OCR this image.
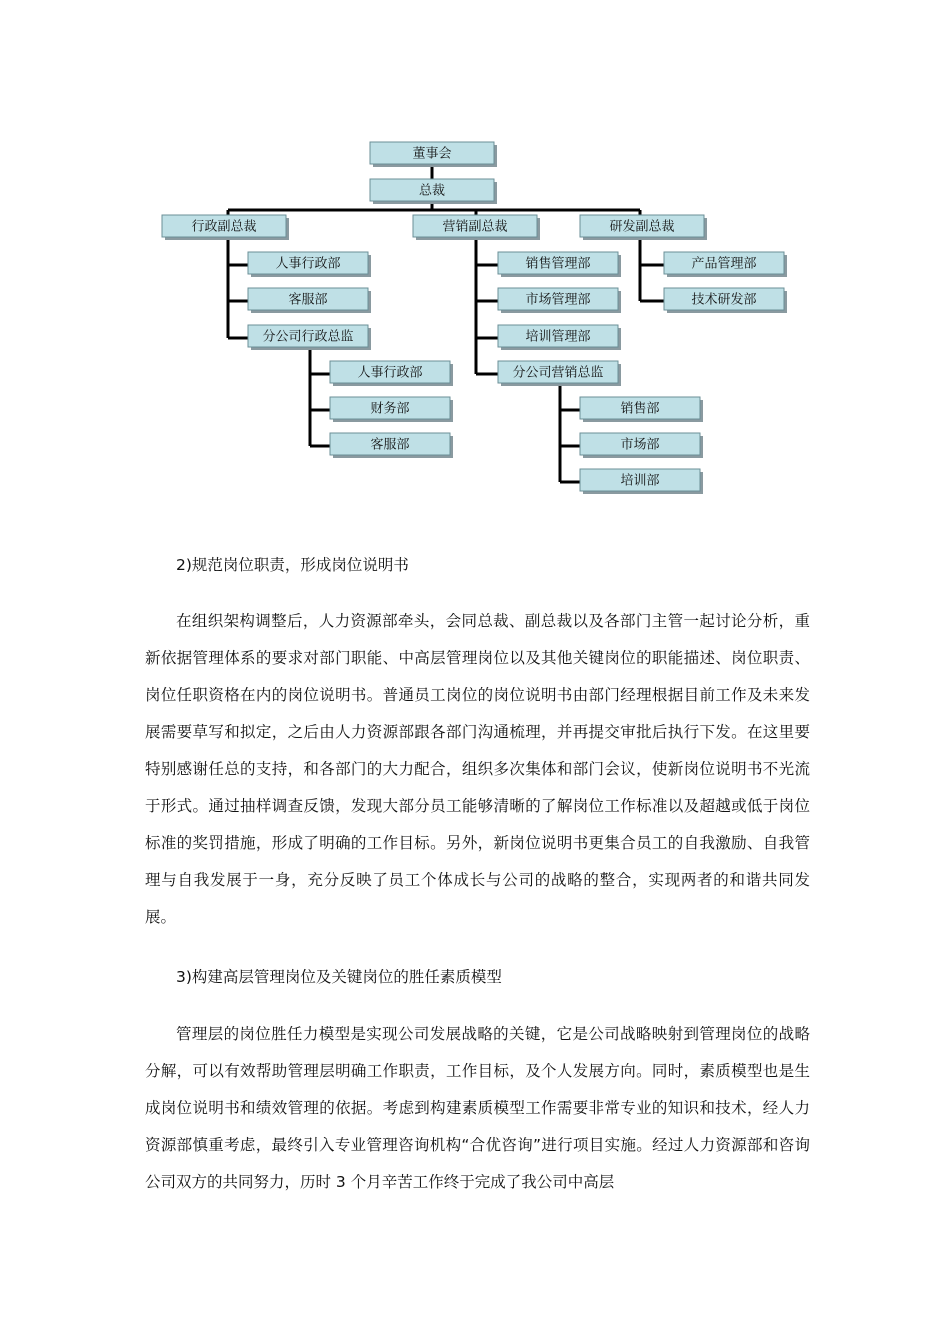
董事会
总裁
行政副总裁	营销副总裁	研发副总裁
人事行政部
客服部
分公司行政总监
人事行政部
财务部
客服部
销售管理部
市场管理部
培训管理部
分公司营销总监
销售部
市场部
培训部
产品管理部
技术研发部
2)规范岗位职责，形成岗位说明书

在组织架构调整后，人力资源部牵头，会同总裁、副总裁以及各部门主管一起讨论分析，重新依据管理体系的要求对部门职能、中高层管理岗位以及其他关键岗位的职能描述、岗位职责、岗位任职资格在内的岗位说明书。普通员工岗位的岗位说明书由部门经理根据目前工作及未来发展需要草写和拟定，之后由人力资源部跟各部门沟通梳理，并再提交审批后执行下发。在这里要特别感谢任总的支持，和各部门的大力配合，组织多次集体和部门会议，使新岗位说明书不光流于形式。通过抽样调查反馈，发现大部分员工能够清晰的了解岗位工作标准以及超越或低于岗位标准的奖罚措施，形成了明确的工作目标。另外，新岗位说明书更集合员工的自我激励、自我管理与自我发展于一身，充分反映了员工个体成长与公司的战略的整合，实现两者的和谐共同发展。

3)构建高层管理岗位及关键岗位的胜任素质模型

管理层的岗位胜任力模型是实现公司发展战略的关键，它是公司战略映射到管理岗位的战略分解，可以有效帮助管理层明确工作职责，工作目标，及个人发展方向。同时，素质模型也是生成岗位说明书和绩效管理的依据。考虑到构建素质模型工作需要非常专业的知识和技术，经人力资源部慎重考虑，最终引入专业管理咨询机构“合优咨询”进行项目实施。经过人力资源部和咨询公司双方的共同努力，历时 3 个月辛苦工作终于完成了我公司中高层
